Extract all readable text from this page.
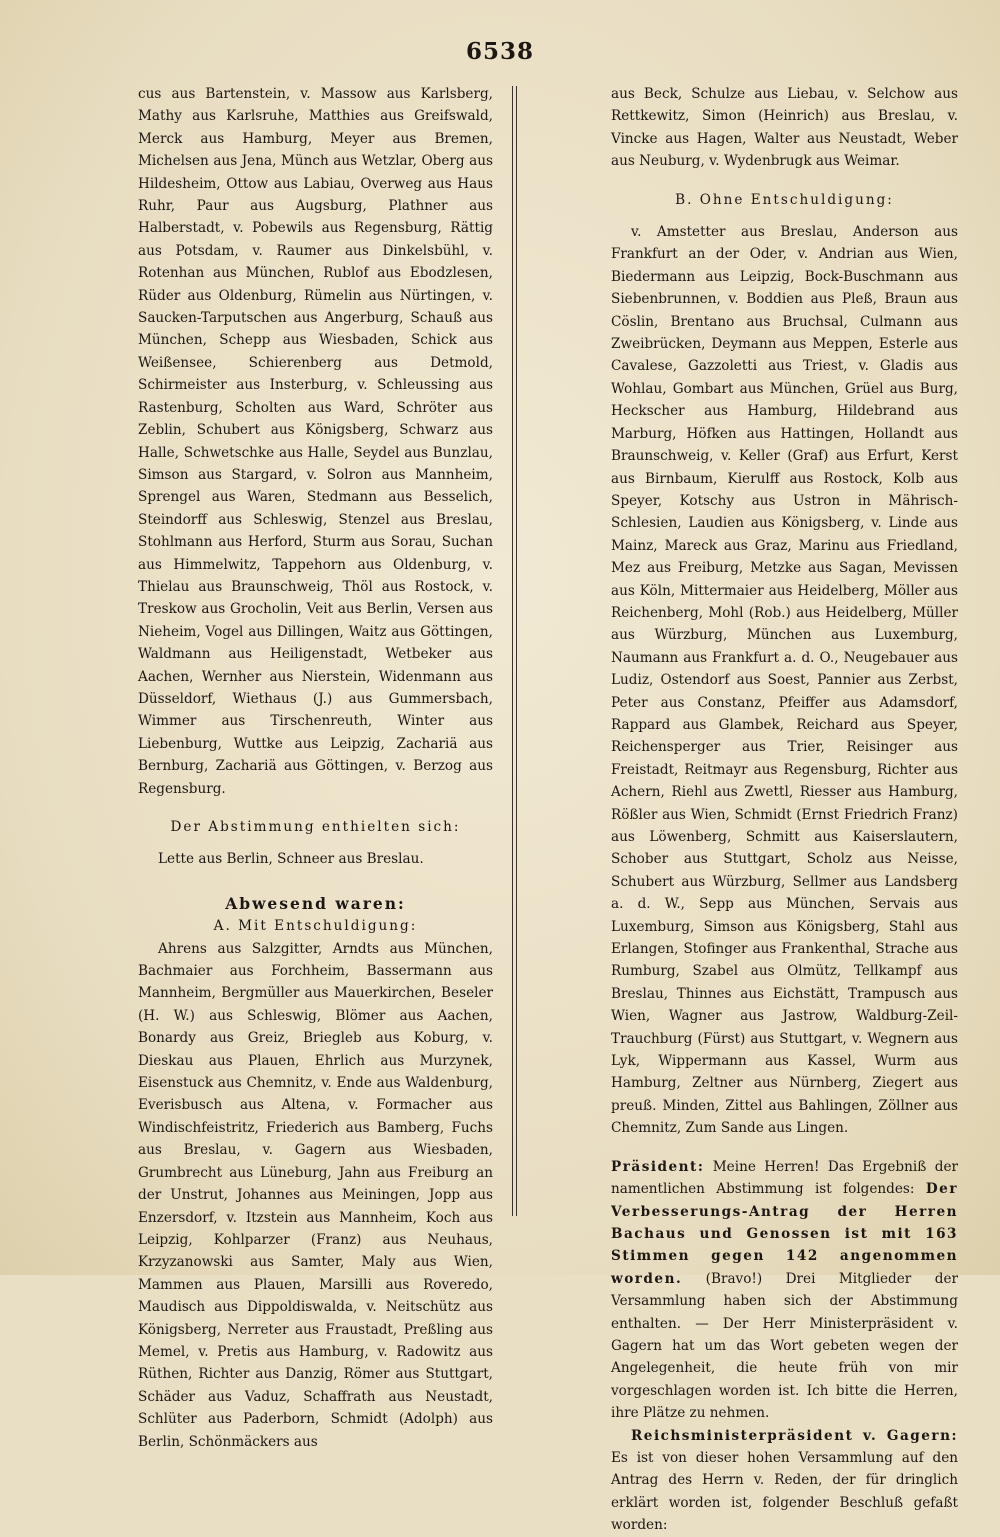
6538

cus aus Bartenstein, v. Massow aus Karlsberg, Mathy aus Karlsruhe, Matthies aus Greifswald, Merck aus Hamburg, Meyer aus Bremen, Michelsen aus Jena, Münch aus Wetzlar, Oberg aus Hildesheim, Ottow aus Labiau, Overweg aus Haus Ruhr, Paur aus Augsburg, Plathner aus Halberstadt, v. Pobewils aus Regensburg, Rättig aus Potsdam, v. Raumer aus Dinkelsbühl, v. Rotenhan aus München, Rublof aus Ebodzlesen, Rüder aus Oldenburg, Rümelin aus Nürtingen, v. Saucken-Tarputschen aus Angerburg, Schauß aus München, Schepp aus Wiesbaden, Schick aus Weißensee, Schierenberg aus Detmold, Schirmeister aus Insterburg, v. Schleussing aus Rastenburg, Scholten aus Ward, Schröter aus Zeblin, Schubert aus Königsberg, Schwarz aus Halle, Schwetschke aus Halle, Seydel aus Bunzlau, Simson aus Stargard, v. Solron aus Mannheim, Sprengel aus Waren, Stedmann aus Besselich, Steindorff aus Schleswig, Stenzel aus Breslau, Stohlmann aus Herford, Sturm aus Sorau, Suchan aus Himmelwitz, Tappehorn aus Oldenburg, v. Thielau aus Braunschweig, Thöl aus Rostock, v. Treskow aus Grocholin, Veit aus Berlin, Versen aus Nieheim, Vogel aus Dillingen, Waitz aus Göttingen, Waldmann aus Heiligenstadt, Wetbeker aus Aachen, Wernher aus Nierstein, Widenmann aus Düsseldorf, Wiethaus (J.) aus Gummersbach, Wimmer aus Tirschenreuth, Winter aus Liebenburg, Wuttke aus Leipzig, Zachariä aus Bernburg, Zachariä aus Göttingen, v. Berzog aus Regensburg.

Der Abstimmung enthielten sich:

Lette aus Berlin, Schneer aus Breslau.

Abwesend waren:

A. Mit Entschuldigung:

Ahrens aus Salzgitter, Arndts aus München, Bachmaier aus Forchheim, Bassermann aus Mannheim, Bergmüller aus Mauerkirchen, Beseler (H. W.) aus Schleswig, Blömer aus Aachen, Bonardy aus Greiz, Briegleb aus Koburg, v. Dieskau aus Plauen, Ehrlich aus Murzynek, Eisenstuck aus Chemnitz, v. Ende aus Waldenburg, Everisbusch aus Altena, v. Formacher aus Windischfeistritz, Friederich aus Bamberg, Fuchs aus Breslau, v. Gagern aus Wiesbaden, Grumbrecht aus Lüneburg, Jahn aus Freiburg an der Unstrut, Johannes aus Meiningen, Jopp aus Enzersdorf, v. Itzstein aus Mannheim, Koch aus Leipzig, Kohlparzer (Franz) aus Neuhaus, Krzyzanowski aus Samter, Maly aus Wien, Mammen aus Plauen, Marsilli aus Roveredo, Maudisch aus Dippoldiswalda, v. Neitschütz aus Königsberg, Nerreter aus Fraustadt, Preßling aus Memel, v. Pretis aus Hamburg, v. Radowitz aus Rüthen, Richter aus Danzig, Römer aus Stuttgart, Schäder aus Vaduz, Schaffrath aus Neustadt, Schlüter aus Paderborn, Schmidt (Adolph) aus Berlin, Schönmäckers aus

aus Beck, Schulze aus Liebau, v. Selchow aus Rettkewitz, Simon (Heinrich) aus Breslau, v. Vincke aus Hagen, Walter aus Neustadt, Weber aus Neuburg, v. Wydenbrugk aus Weimar.

B. Ohne Entschuldigung:

v. Amstetter aus Breslau, Anderson aus Frankfurt an der Oder, v. Andrian aus Wien, Biedermann aus Leipzig, Bock-Buschmann aus Siebenbrunnen, v. Boddien aus Pleß, Braun aus Cöslin, Brentano aus Bruchsal, Culmann aus Zweibrücken, Deymann aus Meppen, Esterle aus Cavalese, Gazzoletti aus Triest, v. Gladis aus Wohlau, Gombart aus München, Grüel aus Burg, Heckscher aus Hamburg, Hildebrand aus Marburg, Höfken aus Hattingen, Hollandt aus Braunschweig, v. Keller (Graf) aus Erfurt, Kerst aus Birnbaum, Kierulff aus Rostock, Kolb aus Speyer, Kotschy aus Ustron in Mährisch-Schlesien, Laudien aus Königsberg, v. Linde aus Mainz, Mareck aus Graz, Marinu aus Friedland, Mez aus Freiburg, Metzke aus Sagan, Mevissen aus Köln, Mittermaier aus Heidelberg, Möller aus Reichenberg, Mohl (Rob.) aus Heidelberg, Müller aus Würzburg, München aus Luxemburg, Naumann aus Frankfurt a. d. O., Neugebauer aus Ludiz, Ostendorf aus Soest, Pannier aus Zerbst, Peter aus Constanz, Pfeiffer aus Adamsdorf, Rappard aus Glambek, Reichard aus Speyer, Reichensperger aus Trier, Reisinger aus Freistadt, Reitmayr aus Regensburg, Richter aus Achern, Riehl aus Zwettl, Riesser aus Hamburg, Rößler aus Wien, Schmidt (Ernst Friedrich Franz) aus Löwenberg, Schmitt aus Kaiserslautern, Schober aus Stuttgart, Scholz aus Neisse, Schubert aus Würzburg, Sellmer aus Landsberg a. d. W., Sepp aus München, Servais aus Luxemburg, Simson aus Königsberg, Stahl aus Erlangen, Stofinger aus Frankenthal, Strache aus Rumburg, Szabel aus Olmütz, Tellkampf aus Breslau, Thinnes aus Eichstätt, Trampusch aus Wien, Wagner aus Jastrow, Waldburg-Zeil-Trauchburg (Fürst) aus Stuttgart, v. Wegnern aus Lyk, Wippermann aus Kassel, Wurm aus Hamburg, Zeltner aus Nürnberg, Ziegert aus preuß. Minden, Zittel aus Bahlingen, Zöllner aus Chemnitz, Zum Sande aus Lingen.

Präsident: Meine Herren! Das Ergebniß der namentlichen Abstimmung ist folgendes: Der Verbesserungs-Antrag der Herren Bachaus und Genossen ist mit 163 Stimmen gegen 142 angenommen worden. (Bravo!) Drei Mitglieder der Versammlung haben sich der Abstimmung enthalten. — Der Herr Ministerpräsident v. Gagern hat um das Wort gebeten wegen der Angelegenheit, die heute früh von mir vorgeschlagen worden ist. Ich bitte die Herren, ihre Plätze zu nehmen.

Reichsministerpräsident v. Gagern: Es ist von dieser hohen Versammlung auf den Antrag des Herrn v. Reden, der für dringlich erklärt worden ist, folgender Beschluß gefaßt worden:
